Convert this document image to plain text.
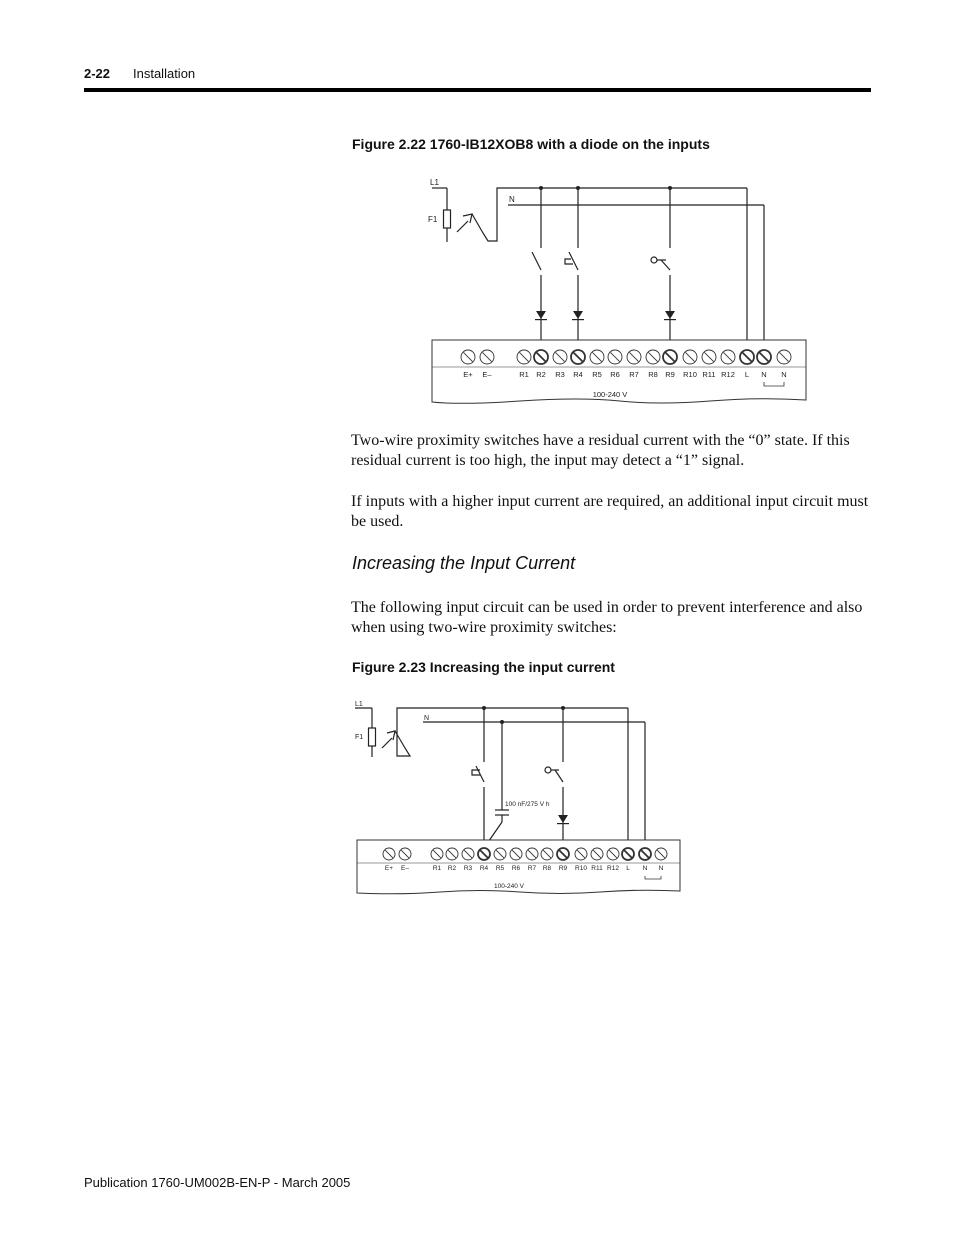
2-22 Installation
Figure 2.22 1760-IB12XOB8 with a diode on the inputs
L1
F1
N
E+ E–	R1 R2 R3 R4 R5 R6 R7 R8 R9 R10 R11 R12 L N N
100-240 V

Two-wire proximity switches have a residual current with the “0” state. If this residual current is too high, the input may detect a “1” signal.

If inputs with a higher input current are required, an additional input circuit must be used.

Increasing the Input Current

The following input circuit can be used in order to prevent interference and also when using two-wire proximity switches:

Figure 2.23 Increasing the input current
L1
F1
N
100 nF/275 V h
E+ E–	R1 R2 R3 R4 R5 R6 R7 R8 R9 R10 R11 R12 L N N
100-240 V
Publication 1760-UM002B-EN-P - March 2005
